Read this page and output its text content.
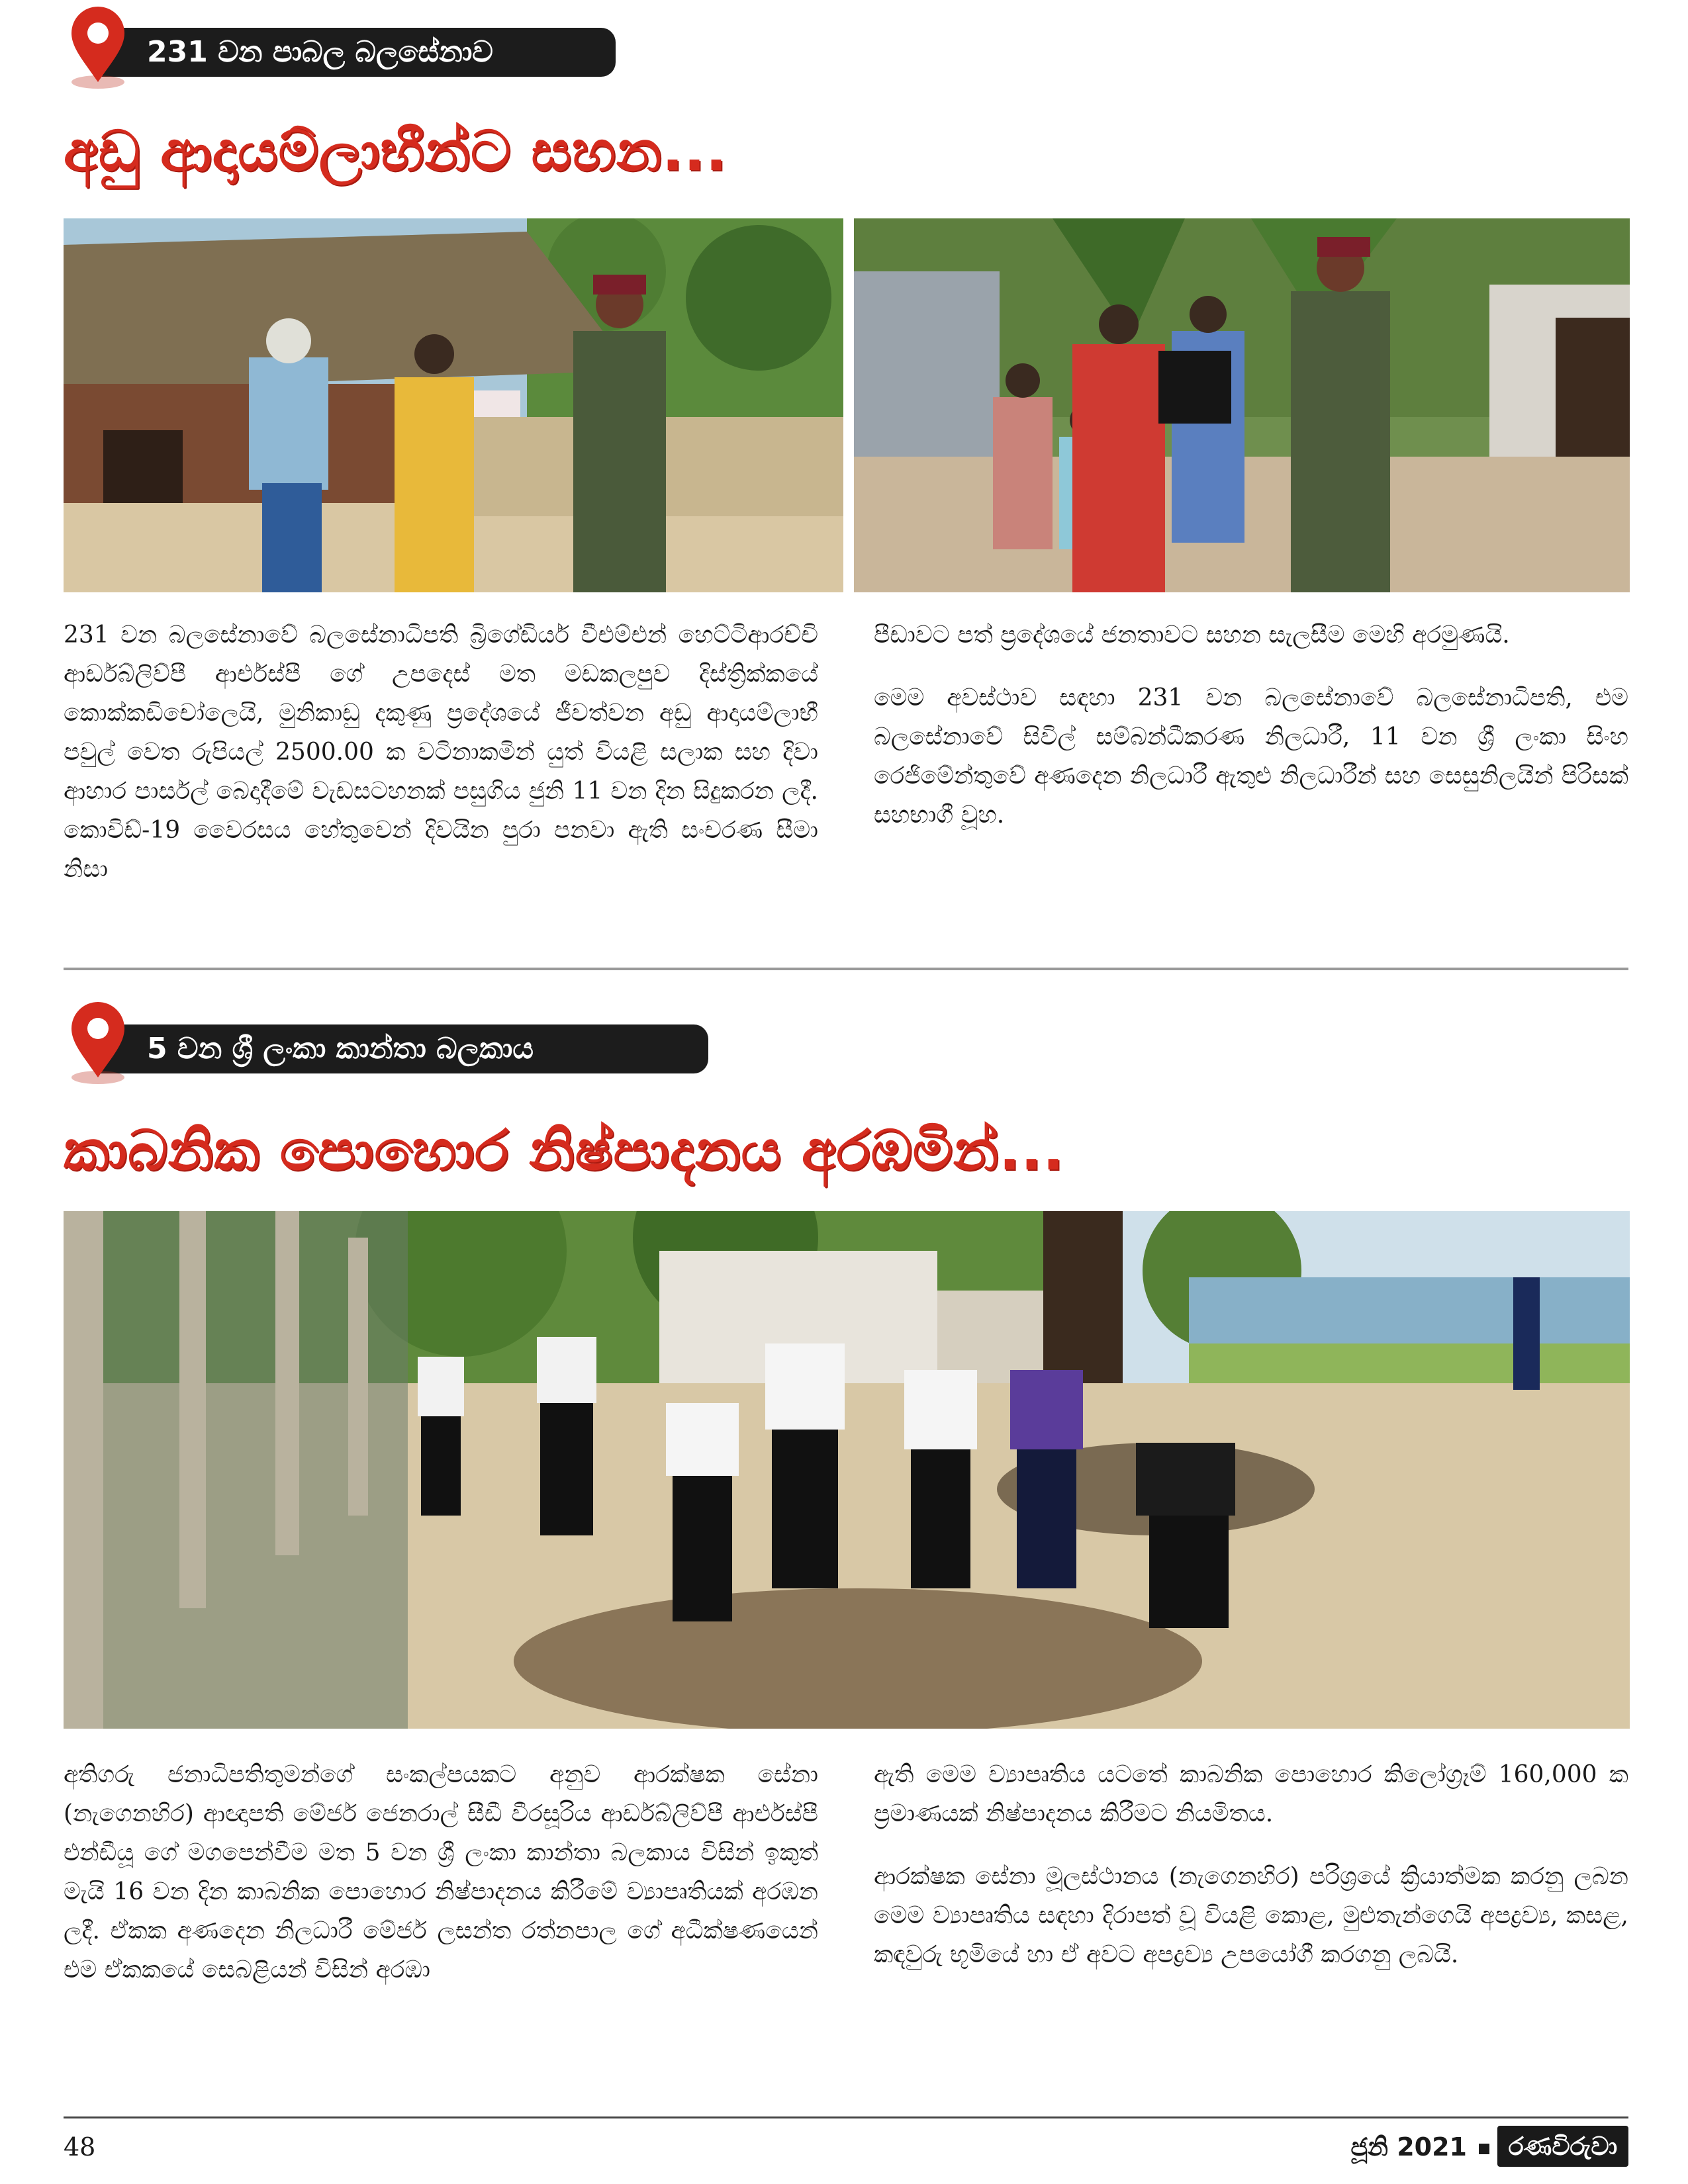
231 වන පාබල බලසේනාව
අඩු ආදායම්ලාභීන්ට සහන...

231 වන බලසේනාවේ බලසේනාධිපති බ්‍රිගේඩියර් වීඑම්එන් හෙට්ටිආරච්චි ආර්ඩබ්ලිව්පී ආර්එස්පී ගේ උපදෙස් මත මඩකලපුව දිස්ත්‍රික්කයේ කොක්කඩිචෝලෙයි, මුනිකාඩු දකුණු ප්‍රදේශයේ ජීවත්වන අඩු ආදායම්ලාභී පවුල් වෙත රුපියල් 2500.00 ක වටිනාකමින් යුත් වියළි සලාක සහ දිවා ආහාර පාර්සල් බෙදාදීමේ වැඩසටහනක් පසුගිය ජුනි 11 වන දින සිදුකරන ලදී. කොවිඩ්-19 වෛරසය හේතුවෙන් දිවයින පුරා පනවා ඇති සංචරණ සීමා නිසා

පීඩාවට පත් ප්‍රදේශයේ ජනතාවට සහන සැලසීම මෙහි අරමුණයි.

මෙම අවස්ථාව සඳහා 231 වන බලසේනාවේ බලසේනාධිපති, එම බලසේනාවේ සිවිල් සම්බන්ධීකරණ නිලධාරී, 11 වන ශ්‍රී ලංකා සිංහ රෙජිමේන්තුවේ අණදෙන නිලධාරී ඇතුළු නිලධාරීන් සහ සෙසුනිලයින් පිරිසක් සහභාගී වූහ.

5 වන ශ්‍රී ලංකා කාන්තා බලකාය
කාබනික පොහොර නිෂ්පාදනය අරඹමින්...

අතිගරු ජනාධිපතිතුමන්ගේ සංකල්පයකට අනුව ආරක්ෂක සේනා (නැගෙනහිර) ආඥාපති මේජර් ජෙනරාල් සීඩී වීරසූරිය ආර්ඩබ්ලිව්පී ආර්එස්පී එන්ඩීයූ ගේ මගපෙන්වීම මත 5 වන ශ්‍රී ලංකා කාන්තා බලකාය විසින් ඉකුත් මැයි 16 වන දින කාබනික පොහොර නිෂ්පාදනය කිරීමේ ව්‍යාපෘතියක් අරඹන ලදී. ඒකක අණදෙන නිලධාරී මේජර් ලසන්ත රත්නපාල ගේ අධීක්ෂණයෙන් එම ඒකකයේ සෙබළියන් විසින් අරඹා

ඇති මෙම ව්‍යාපෘතිය යටතේ කාබනික පොහොර කිලෝග්‍රෑම් 160,000 ක ප්‍රමාණයක් නිෂ්පාදනය කිරීමට නියමිතය.

ආරක්ෂක සේනා මූලස්ථානය (නැගෙනහිර) පරිශ්‍රයේ ක්‍රියාත්මක කරනු ලබන මෙම ව්‍යාපෘතිය සඳහා දිරාපත් වූ වියළි කොළ, මුළුතැන්ගෙයි අපද්‍රව්‍ය, කසළ, කඳවුරු භූමියේ හා ඒ අවට අපද්‍රව්‍ය උපයෝගී කරගනු ලබයි.

48	ජූනි 2021	රණවිරුවා
